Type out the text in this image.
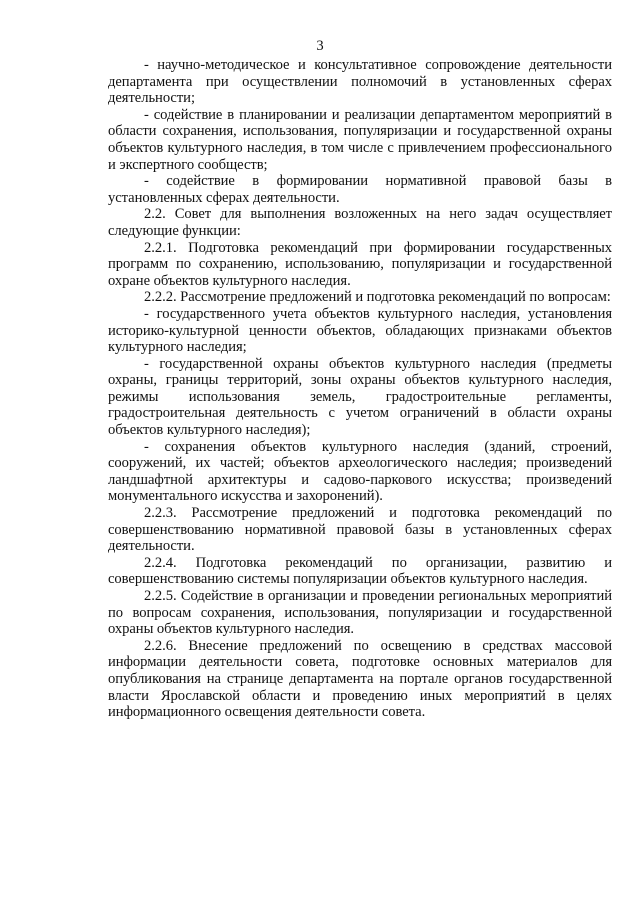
3

- научно-методическое и консультативное сопровождение деятельности департамента при осуществлении полномочий в установленных сферах деятельности;

- содействие в планировании и реализации департаментом мероприятий в области сохранения, использования, популяризации и государственной охраны объектов культурного наследия, в том числе с привлечением профессионального и экспертного сообществ;

- содействие в формировании нормативной правовой базы в установленных сферах деятельности.

2.2. Совет для выполнения возложенных на него задач осуществляет следующие функции:

2.2.1. Подготовка рекомендаций при формировании государственных программ по сохранению, использованию, популяризации и государственной охране объектов культурного наследия.

2.2.2. Рассмотрение предложений и подготовка рекомендаций по вопросам:

- государственного учета объектов культурного наследия, установления историко-культурной ценности объектов, обладающих признаками объектов культурного наследия;

- государственной охраны объектов культурного наследия (предметы охраны, границы территорий, зоны охраны объектов культурного наследия, режимы использования земель, градостроительные регламенты, градостроительная деятельность с учетом ограничений в области охраны объектов культурного наследия);

- сохранения объектов культурного наследия (зданий, строений, сооружений, их частей; объектов археологического наследия; произведений ландшафтной архитектуры и садово-паркового искусства; произведений монументального искусства и захоронений).

2.2.3. Рассмотрение предложений и подготовка рекомендаций по совершенствованию нормативной правовой базы в установленных сферах деятельности.

2.2.4. Подготовка рекомендаций по организации, развитию и совершенствованию системы популяризации объектов культурного наследия.

2.2.5. Содействие в организации и проведении региональных мероприятий по вопросам сохранения, использования, популяризации и государственной охраны объектов культурного наследия.

2.2.6. Внесение предложений по освещению в средствах массовой информации деятельности совета, подготовке основных материалов для опубликования на странице департамента на портале органов государственной власти Ярославской области и проведению иных мероприятий в целях информационного освещения деятельности совета.
